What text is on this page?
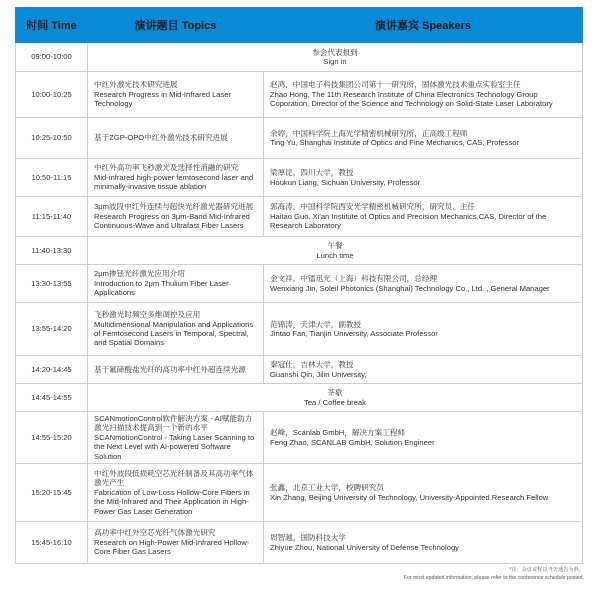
时间 Time	演讲题目 Topics	演讲嘉宾 Speakers
09:00-10:00	参会代表报到
Sign in	

10:00-10:25	中红外激光技术研究进展
Research Progress in Mid-Infrared Laser Technology	赵鸿，中国电子科技集团公司第十一研究所，固体激光技术重点实验室主任
Zhao Hong, The 11th Research Institute of China Electronics Technology Group Coporation, Director of the Science and Technology on Solid-State Laser Laboratory

10:25-10:50	基于ZGP-OPO中红外激光技术研究进展	余婷，中国科学院上海光学精密机械研究所，正高级工程师
Ting Yu, Shanghai Institute of Optics and Fine Mechanics, CAS, Professor

10:50-11:15	中红外高功率飞秒激光及选择性消融的研究
Mid-infrared high-power femtosecond laser and minimally-invasive tissue ablation	梁厚昆，四川大学，教授
Houkun Liang, Sichuan University, Professor

11:15-11:40	3μm波段中红外连续与超快光纤激光器研究进展
Research Progress on 3μm-Band Mid-Infrared Continuous-Wave and Ultrafast Fiber Lasers	郭海涛，中国科学院西安光学精密机械研究所，研究员、主任
Haitao Guo, Xi'an Institute of Optics and Precision Mechanics,CAS, Director of the Research Laboratory

11:40-13:30	午餐
Lunch time	

13:30-13:55	2μm掺铥光纤激光应用介绍
Introduction to 2μm Thulium Fiber Laser Applications	金文祥，中镭迅光（上海）科技有限公司，总经理
Wenxiang Jin, Soleil Photonics (Shanghai) Technology Co., Ltd. , General Manager

13:55-14:20	飞秒激光时频空多维调控及应用
Multidimensional Manipulation and Applications of Femtosecond Lasers in Temporal, Spectral, and Spatial Domains	范锦涛，天津大学，副教授
Jintao Fan, Tianjin University, Associate Professor

14:20-14:45	基于氟碲酸盐光纤的高功率中红外超连续光源	秦冠仕，吉林大学，教授
Guanshi Qin, Jilin University,

14:45-14:55	茶歇
Tea / Coffee break	

14:55-15:20	SCANmotionControl软件解决方案 - AI赋能助力激光扫描技术提高到一个新的水平
SCANmotionControl - Taking Laser Scanning to the Next Level with AI-powered Software Solution	赵峰，Scanlab GmbH，解决方案工程师
Feng Zhao, SCANLAB GmbH, Solution Engineer

15:20-15:45	中红外波段低损耗空芯光纤制备及其高功率气体激光产生
Fabrication of Low-Loss Hollow-Core Fibers in the Mid-Infrared and Their Application in High-Power Gas Laser Generation	张鑫，北京工业大学，校聘研究员
Xin Zhang, Beijing University of Technology, University-Appointed Research Fellow

15:45-16:10	高功率中红外空芯光纤气体激光研究
Research on High-Power Mid-Infrared Hollow-Core Fiber Gas Lasers	周智越，国防科技大学
Zhiyue Zhou, National University of Defense Technology
*注：会议议程以当天通告为准。
For most updated information, please refer to the conference schedule posted.
